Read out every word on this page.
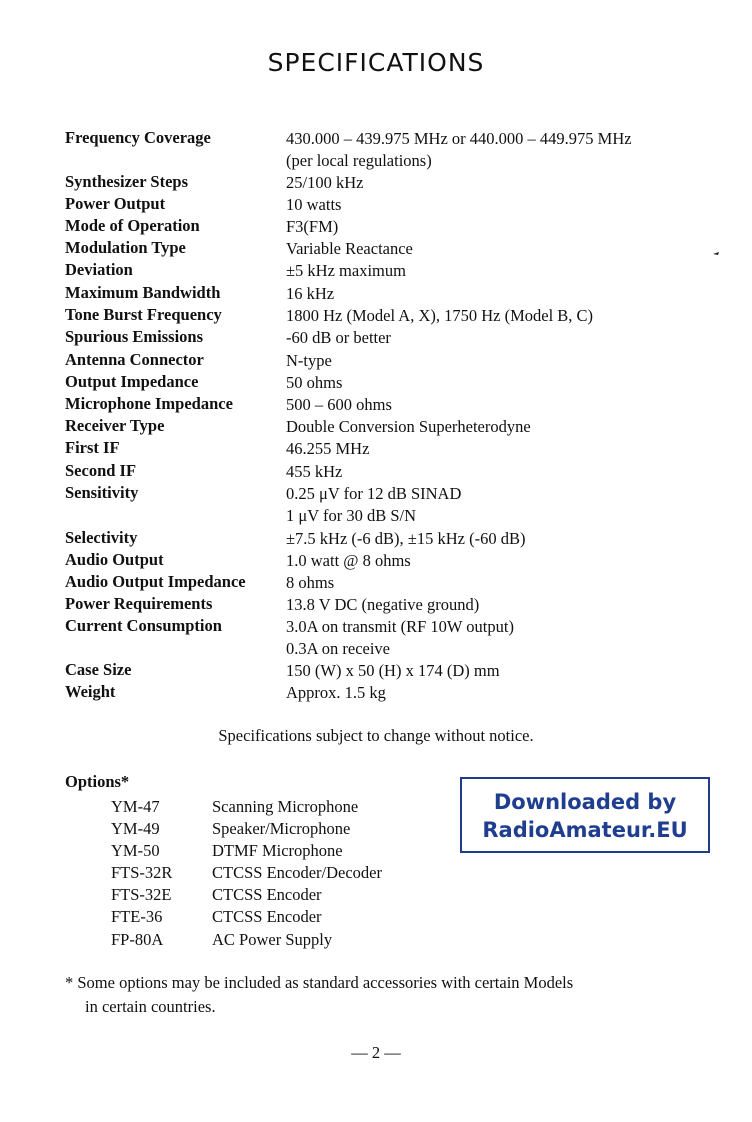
SPECIFICATIONS
Frequency Coverage	430.000 – 439.975 MHz or 440.000 – 449.975 MHz
(per local regulations)
Synthesizer Steps	25/100 kHz
Power Output	10 watts
Mode of Operation	F3(FM)
Modulation Type	Variable Reactance
Deviation	±5 kHz maximum
Maximum Bandwidth	16 kHz
Tone Burst Frequency	1800 Hz (Model A, X), 1750 Hz (Model B, C)
Spurious Emissions	-60 dB or better
Antenna Connector	N-type
Output Impedance	50 ohms
Microphone Impedance	500 – 600 ohms
Receiver Type	Double Conversion Superheterodyne
First IF	46.255 MHz
Second IF	455 kHz
Sensitivity	0.25 μV for 12 dB SINAD
1 μV for 30 dB S/N
Selectivity	±7.5 kHz (-6 dB), ±15 kHz (-60 dB)
Audio Output	1.0 watt @ 8 ohms
Audio Output Impedance 8 ohms
Power Requirements	13.8 V DC (negative ground)
Current Consumption	3.0A on transmit (RF 10W output)
0.3A on receive
Case Size	150 (W) x 50 (H) x 174 (D) mm
Weight	Approx. 1.5 kg
Specifications subject to change without notice.
Options*
YM-47	Scanning Microphone
YM-49	Speaker/Microphone
YM-50	DTMF Microphone
FTS-32R CTCSS Encoder/Decoder
FTS-32E CTCSS Encoder
FTE-36	CTCSS Encoder
FP-80A	AC Power Supply
Downloaded by
RadioAmateur.EU
* Some options may be included as standard accessories with certain Models
in certain countries.
— 2 —
